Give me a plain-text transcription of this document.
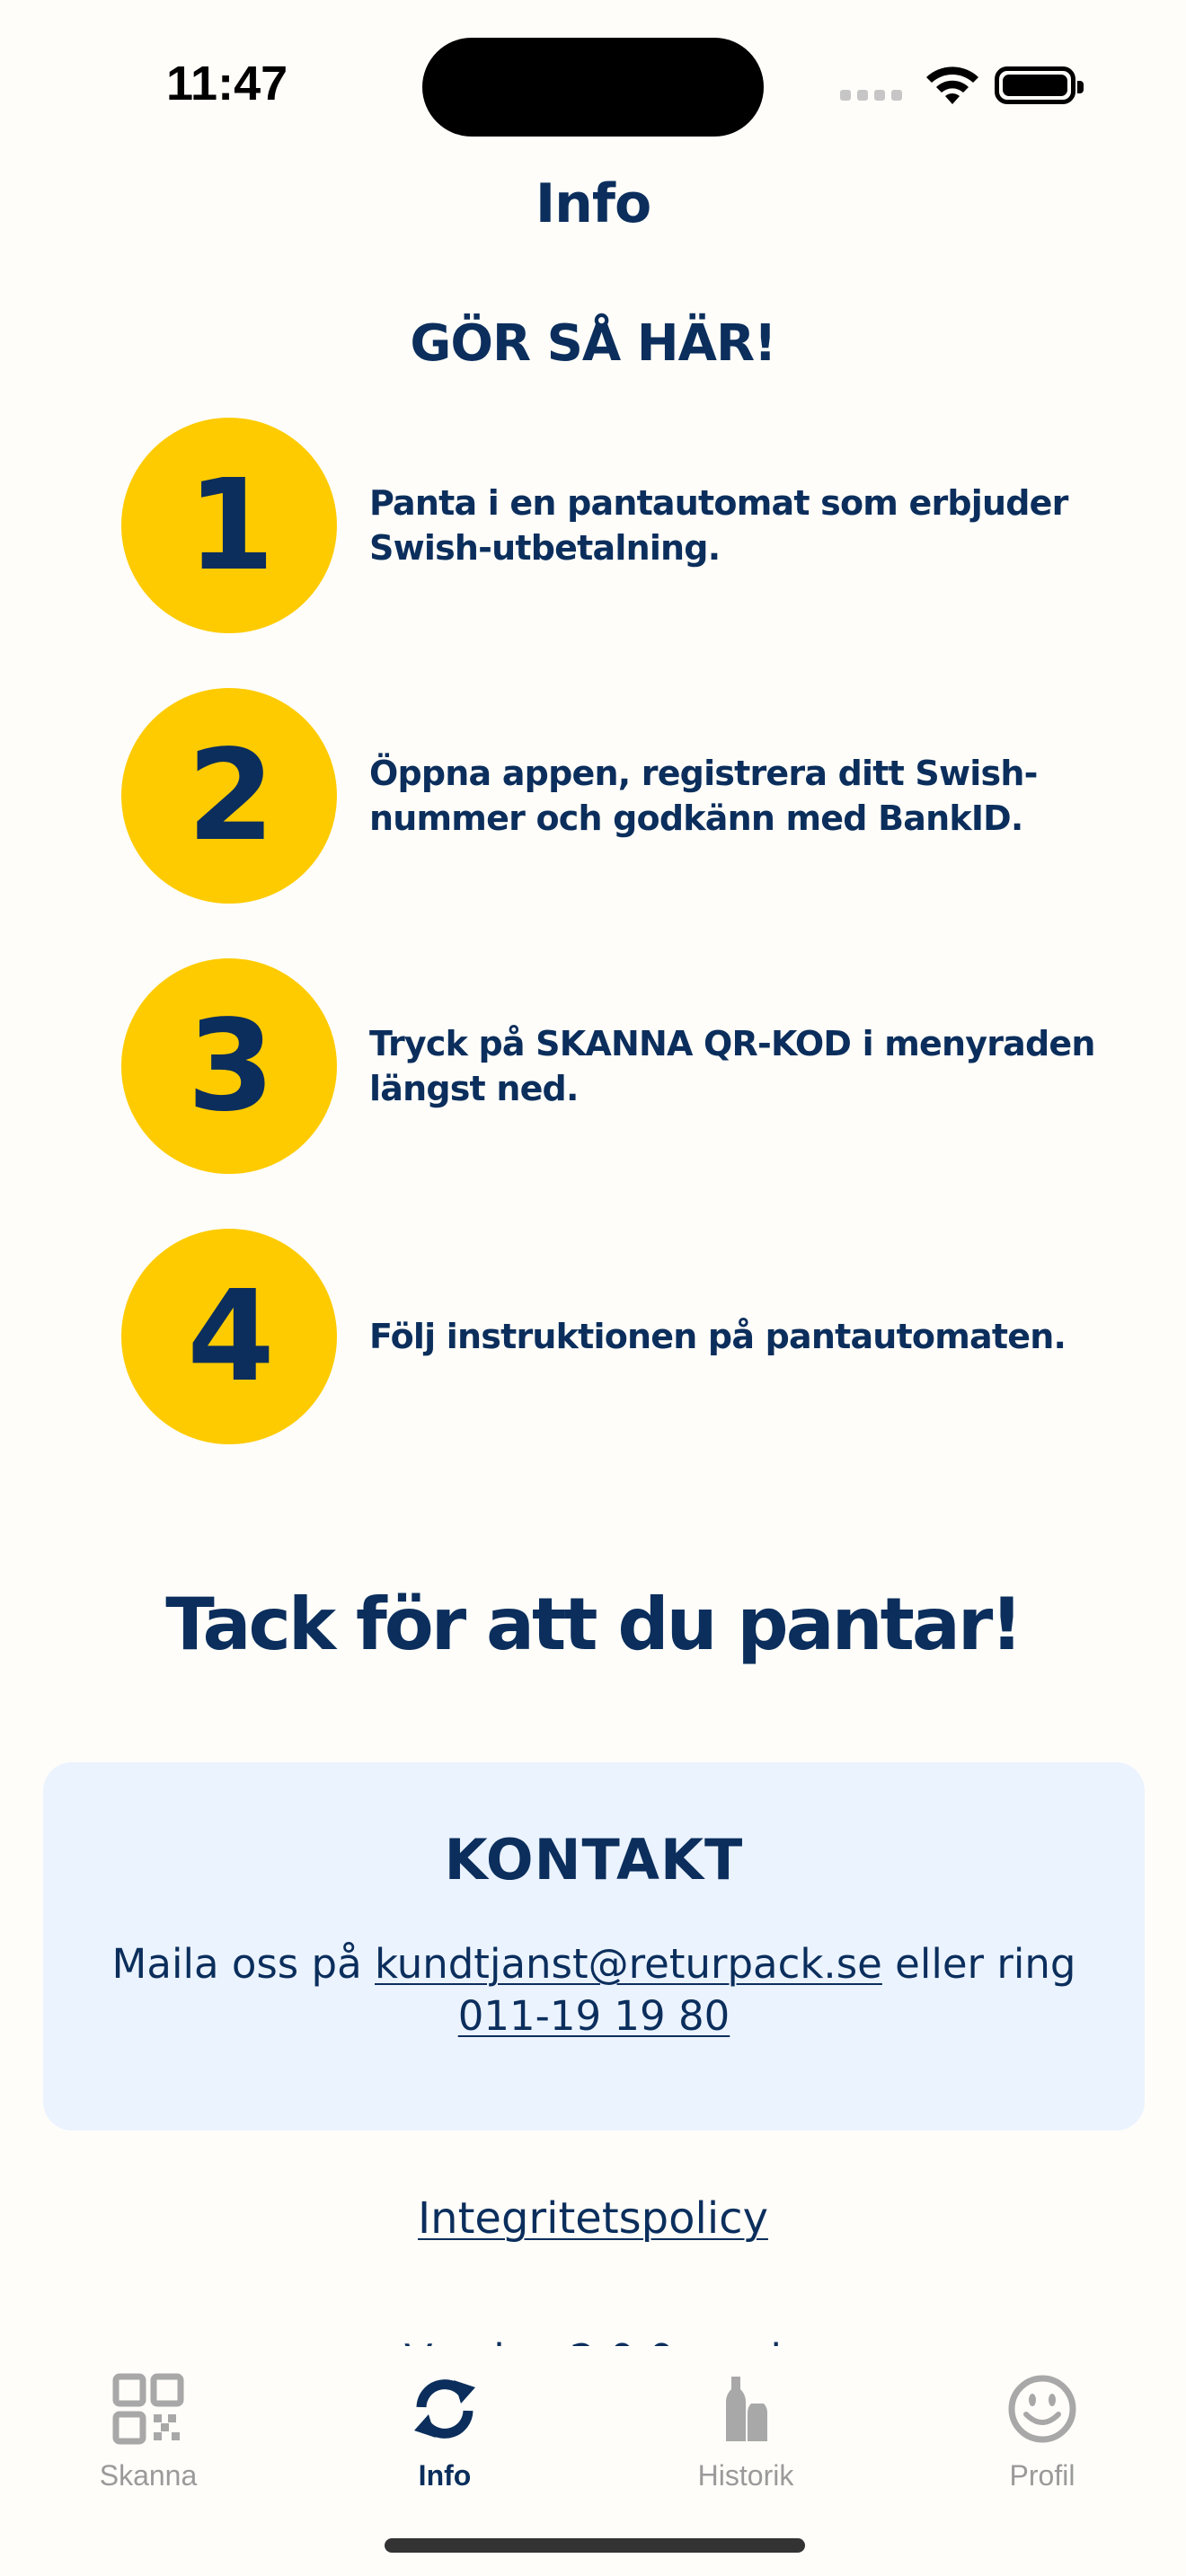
11:47
Info
GÖR SÅ HÄR!
1	Panta i en pantautomat som erbjuder Swish-utbetalning.
2	Öppna appen, registrera ditt Swish-nummer och godkänn med BankID.
3	Tryck på SKANNA QR-KOD i menyraden längst ned.
4	Följ instruktionen på pantautomaten.
Tack för att du pantar!
KONTAKT
Maila oss på kundtjanst@returpack.se eller ring 011-19 19 80
Integritetspolicy
Skanna	Info	Historik	Profil
